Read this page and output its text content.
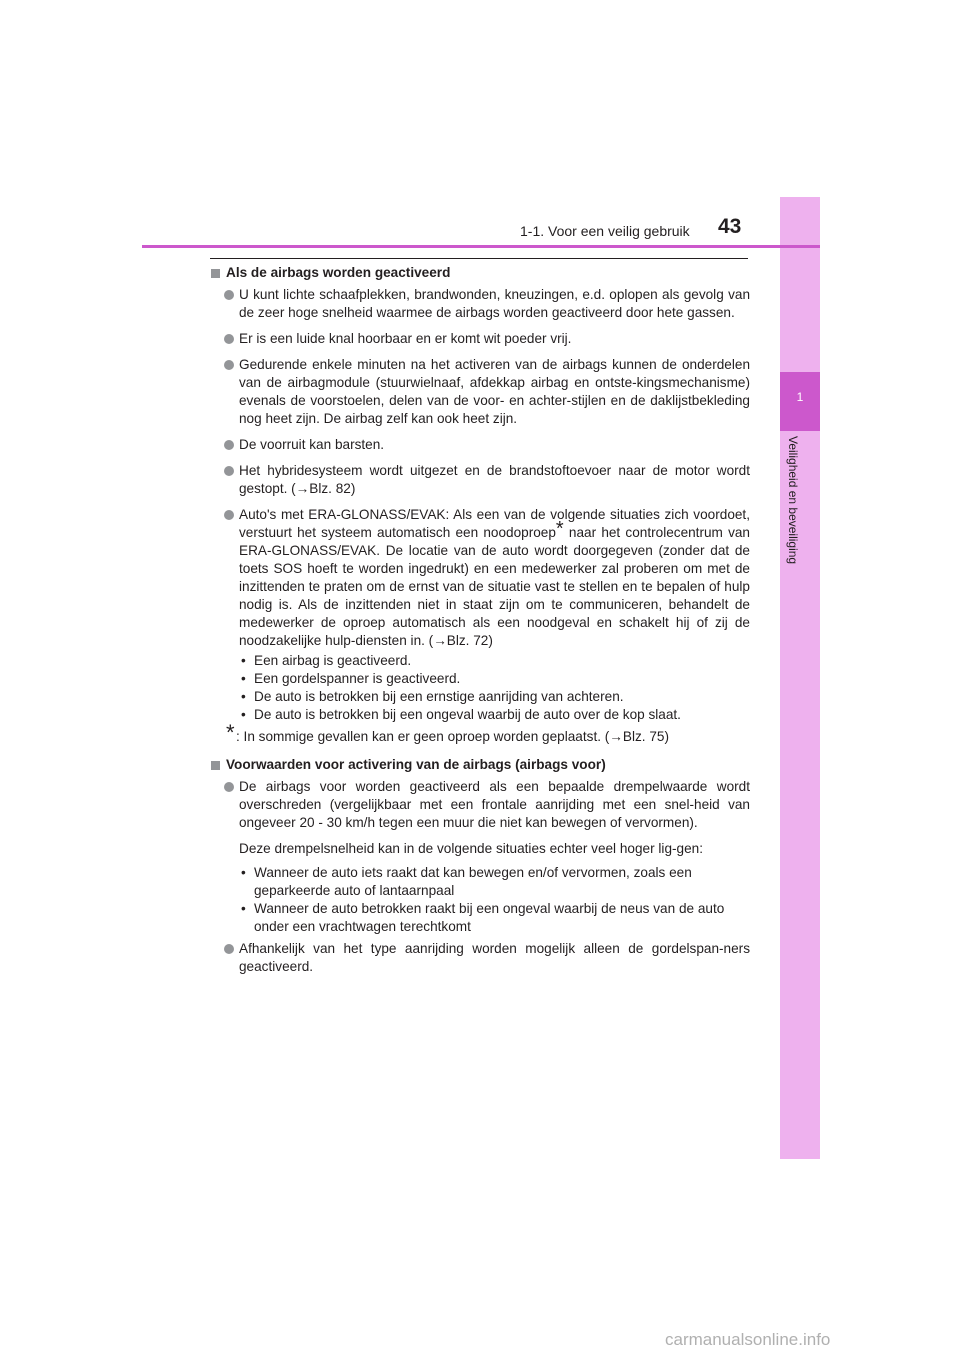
1
Veiligheid en beveiliging
1-1. Voor een veilig gebruik 43
Als de airbags worden geactiveerd
U kunt lichte schaafplekken, brandwonden, kneuzingen, e.d. oplopen als gevolg van de zeer hoge snelheid waarmee de airbags worden geactiveerd door hete gassen.
Er is een luide knal hoorbaar en er komt wit poeder vrij.
Gedurende enkele minuten na het activeren van de airbags kunnen de onderdelen van de airbagmodule (stuurwielnaaf, afdekkap airbag en ontste-kingsmechanisme) evenals de voorstoelen, delen van de voor- en achter-stijlen en de daklijstbekleding nog heet zijn. De airbag zelf kan ook heet zijn.
De voorruit kan barsten.
Het hybridesysteem wordt uitgezet en de brandstoftoevoer naar de motor wordt gestopt. (→Blz. 82)
Auto's met ERA-GLONASS/EVAK: Als een van de volgende situaties zich voordoet, verstuurt het systeem automatisch een noodoproep* naar het controlecentrum van ERA-GLONASS/EVAK. De locatie van de auto wordt doorgegeven (zonder dat de toets SOS hoeft te worden ingedrukt) en een medewerker zal proberen om met de inzittenden te praten om de ernst van de situatie vast te stellen en te bepalen of hulp nodig is. Als de inzittenden niet in staat zijn om te communiceren, behandelt de medewerker de oproep automatisch als een noodgeval en schakelt hij of zij de noodzakelijke hulp-diensten in. (→Blz. 72)
• Een airbag is geactiveerd.
• Een gordelspanner is geactiveerd.
• De auto is betrokken bij een ernstige aanrijding van achteren.
• De auto is betrokken bij een ongeval waarbij de auto over de kop slaat.
* : In sommige gevallen kan er geen oproep worden geplaatst. (→Blz. 75)
Voorwaarden voor activering van de airbags (airbags voor)
De airbags voor worden geactiveerd als een bepaalde drempelwaarde wordt overschreden (vergelijkbaar met een frontale aanrijding met een snel-heid van ongeveer 20 - 30 km/h tegen een muur die niet kan bewegen of vervormen).
Deze drempelsnelheid kan in de volgende situaties echter veel hoger lig-gen:
• Wanneer de auto iets raakt dat kan bewegen en/of vervormen, zoals een geparkeerde auto of lantaarnpaal
• Wanneer de auto betrokken raakt bij een ongeval waarbij de neus van de auto onder een vrachtwagen terechtkomt
Afhankelijk van het type aanrijding worden mogelijk alleen de gordelspan-ners geactiveerd.
carmanualsonline.info
